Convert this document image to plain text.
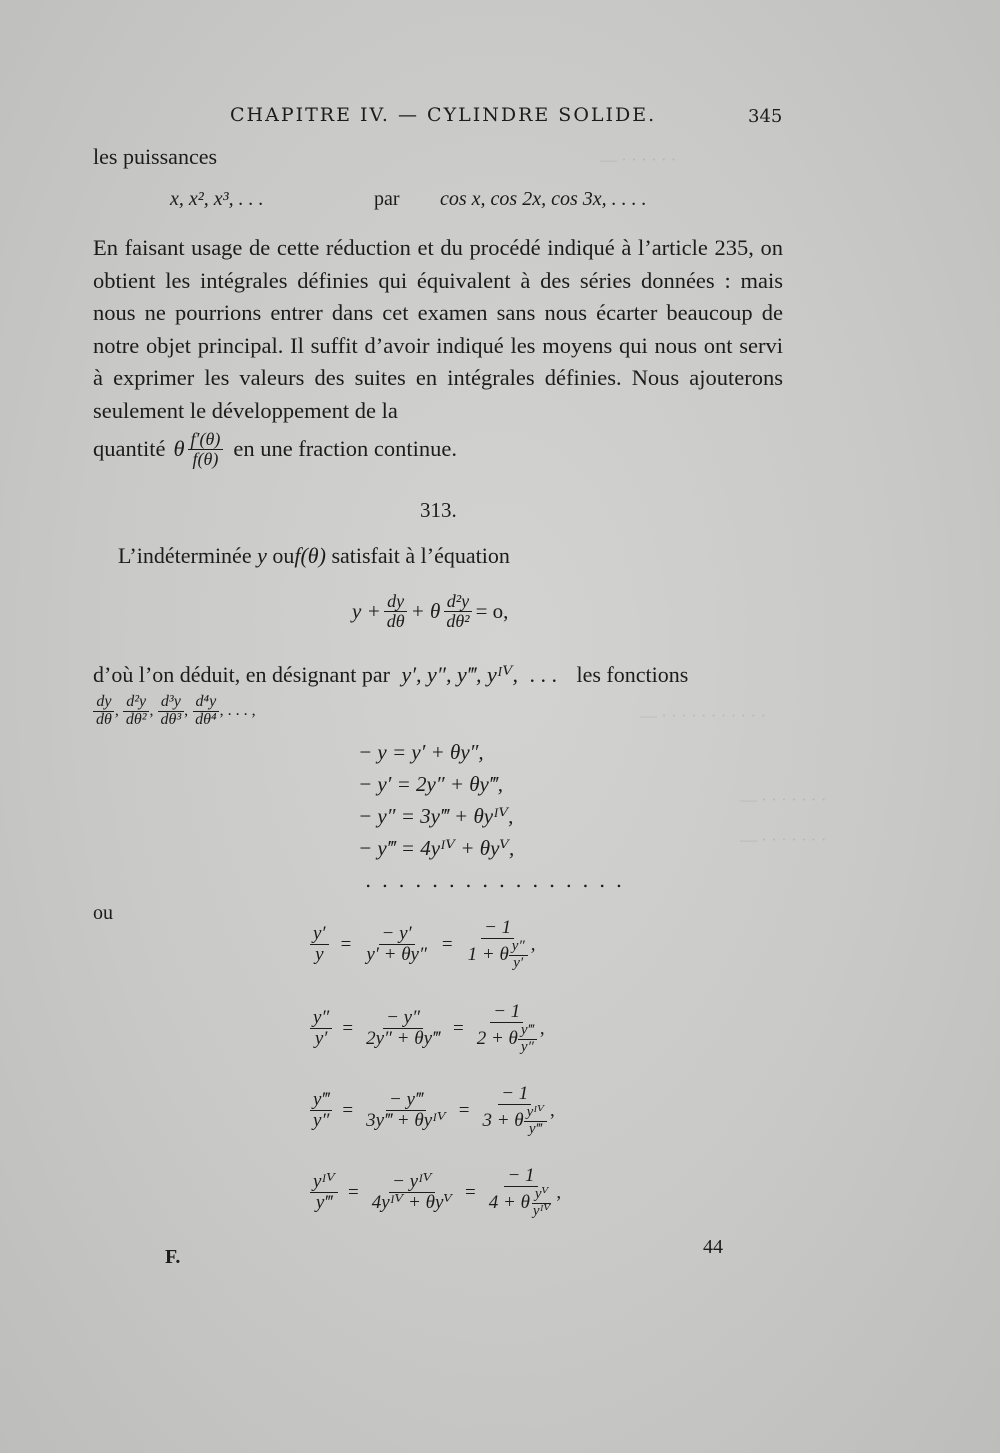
— · · · · · ·
— · · · · · · · · · · ·
— · · · · · · ·
— · · · · · · ·
CHAPITRE IV. — CYLINDRE SOLIDE.	345
les puissances
x, x², x³, . . .	par cos x, cos 2x, cos 3x, . . . .
En faisant usage de cette réduction et du procédé indiqué à l’article 235, on obtient les intégrales définies qui équivalent à des séries données : mais nous ne pourrions entrer dans cet examen sans nous écarter beaucoup de notre objet principal. Il suffit d’avoir indiqué les moyens qui nous ont servi à exprimer les valeurs des suites en intégrales définies. Nous ajouterons seulement le développement de la
quantité θ $\frac{f'(\theta)}{f(\theta)}$ en une fraction continue.
313.
L’indéterminée y ouf(θ) satisfait à l’équation
$y + \frac{dy}{d\theta} + \theta \frac{\text{d²y}}{\text{dθ²}} = o$,
d’où l’on déduit, en désignant par y′, y″, y‴, yᴵⱽ, . . . les fonctions
$\frac{dy}{d\theta}$ , $\frac{\text{d²y}}{\text{dθ²}}$ , $\frac{\text{d³y}}{\text{dθ³}}$ , $\frac{\text{d⁴y}}{\text{dθ⁴}}$ , . . . ,
− y = y′ + θy″,
− y′ = 2y″ + θy‴,
− y″ = 3y‴ + θyᴵⱽ,
− y‴ = 4yᴵⱽ + θyⱽ,
. . . . . . . . . . . . . . . .
ou
$\frac{y'}{y} = \frac{- y'}{y' + \theta y''} = \frac{- 1}{1 + \theta \frac{y''}{y'}}$ ,
$\frac{y''}{y'} = \frac{- y''}{2y'' + \theta y‴} = \frac{- 1}{2 + \theta \frac{y‴}{y''}}$ ,
$\frac{y‴}{y''} = \frac{- y‴}{\text{3y‴ + θyᴵⱽ}} = \frac{- 1}{3 + \theta \frac{\text{yᴵⱽ}}{y‴}}$ ,
$\frac{\text{yᴵⱽ}}{y‴} = \frac{\text{− yᴵⱽ}}{\text{4yᴵⱽ + θyⱽ}} = \frac{- 1}{4 + \theta \frac{\text{yⱽ}}{\text{yᴵⱽ}}}$ ,
F.	44
